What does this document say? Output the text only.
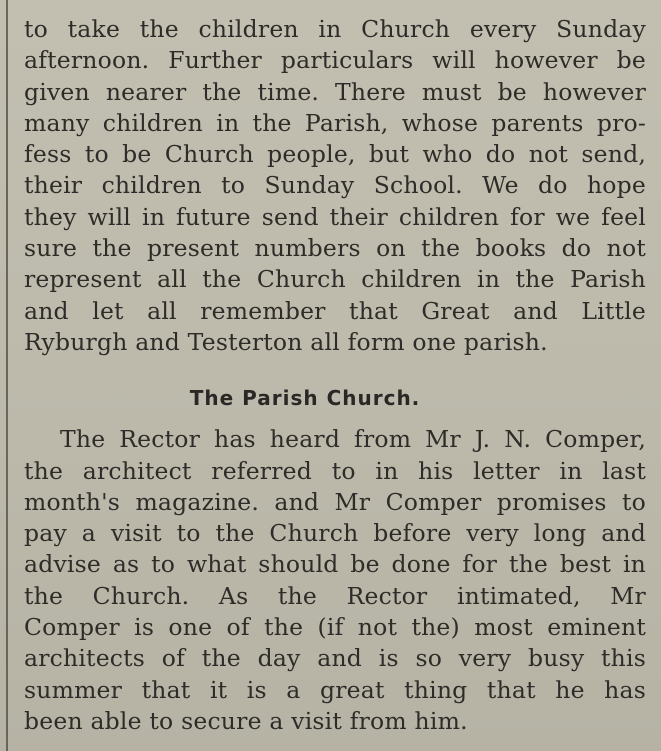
to take the children in Church every Sunday
afternoon. Further particulars will however be
given nearer the time. There must be however
many children in the Parish, whose parents pro-
fess to be Church people, but who do not send,
their children to Sunday School. We do hope
they will in future send their children for we feel
sure the present numbers on the books do not
represent all the Church children in the Parish
and let all remember that Great and Little
Ryburgh and Testerton all form one parish.
The Parish Church.
The Rector has heard from Mr J. N. Comper,
the architect referred to in his letter in last
month's magazine. and Mr Comper promises to
pay a visit to the Church before very long and
advise as to what should be done for the best in
the Church. As the Rector intimated, Mr
Comper is one of the (if not the) most eminent
architects of the day and is so very busy this
summer that it is a great thing that he has
been able to secure a visit from him.
